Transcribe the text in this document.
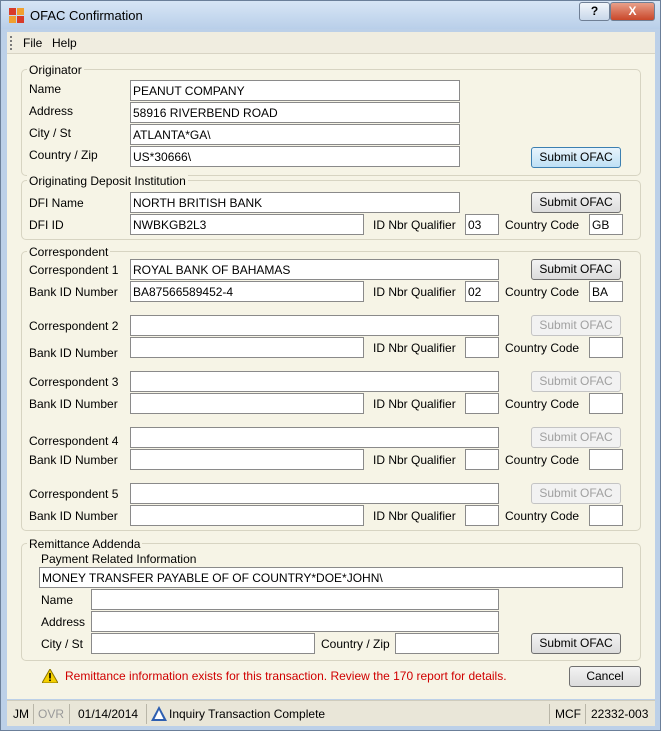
OFAC Confirmation	?	X
File Help
Originator
Name	PEANUT COMPANY
Address	58916 RIVERBEND ROAD
City / St	ATLANTA*GA\
Country / Zip	US*30666\	Submit OFAC
Originating Deposit Institution
DFI Name	NORTH BRITISH BANK	Submit OFAC
DFI ID	NWBKGB2L3	ID Nbr Qualifier 03	Country Code GB
Correspondent
Correspondent 1 ROYAL BANK OF BAHAMAS	Submit OFAC
Bank ID Number BA87566589452-4	ID Nbr Qualifier 02	Country Code BA
Correspondent 2	Submit OFAC
Bank ID Number	ID Nbr Qualifier	Country Code
Correspondent 3	Submit OFAC
Bank ID Number	ID Nbr Qualifier	Country Code
Correspondent 4	Submit OFAC
Bank ID Number	ID Nbr Qualifier	Country Code
Correspondent 5	Submit OFAC
Bank ID Number	ID Nbr Qualifier	Country Code
Remittance Addenda
Payment Related Information
MONEY TRANSFER PAYABLE OF OF COUNTRY*DOE*JOHN\
Name
Address
City / St	Country / Zip	Submit OFAC
Remittance information exists for this transaction. Review the 170 report for details.	Cancel
JM OVR 01/14/2014	Inquiry Transaction Complete	MCF 22332-003
